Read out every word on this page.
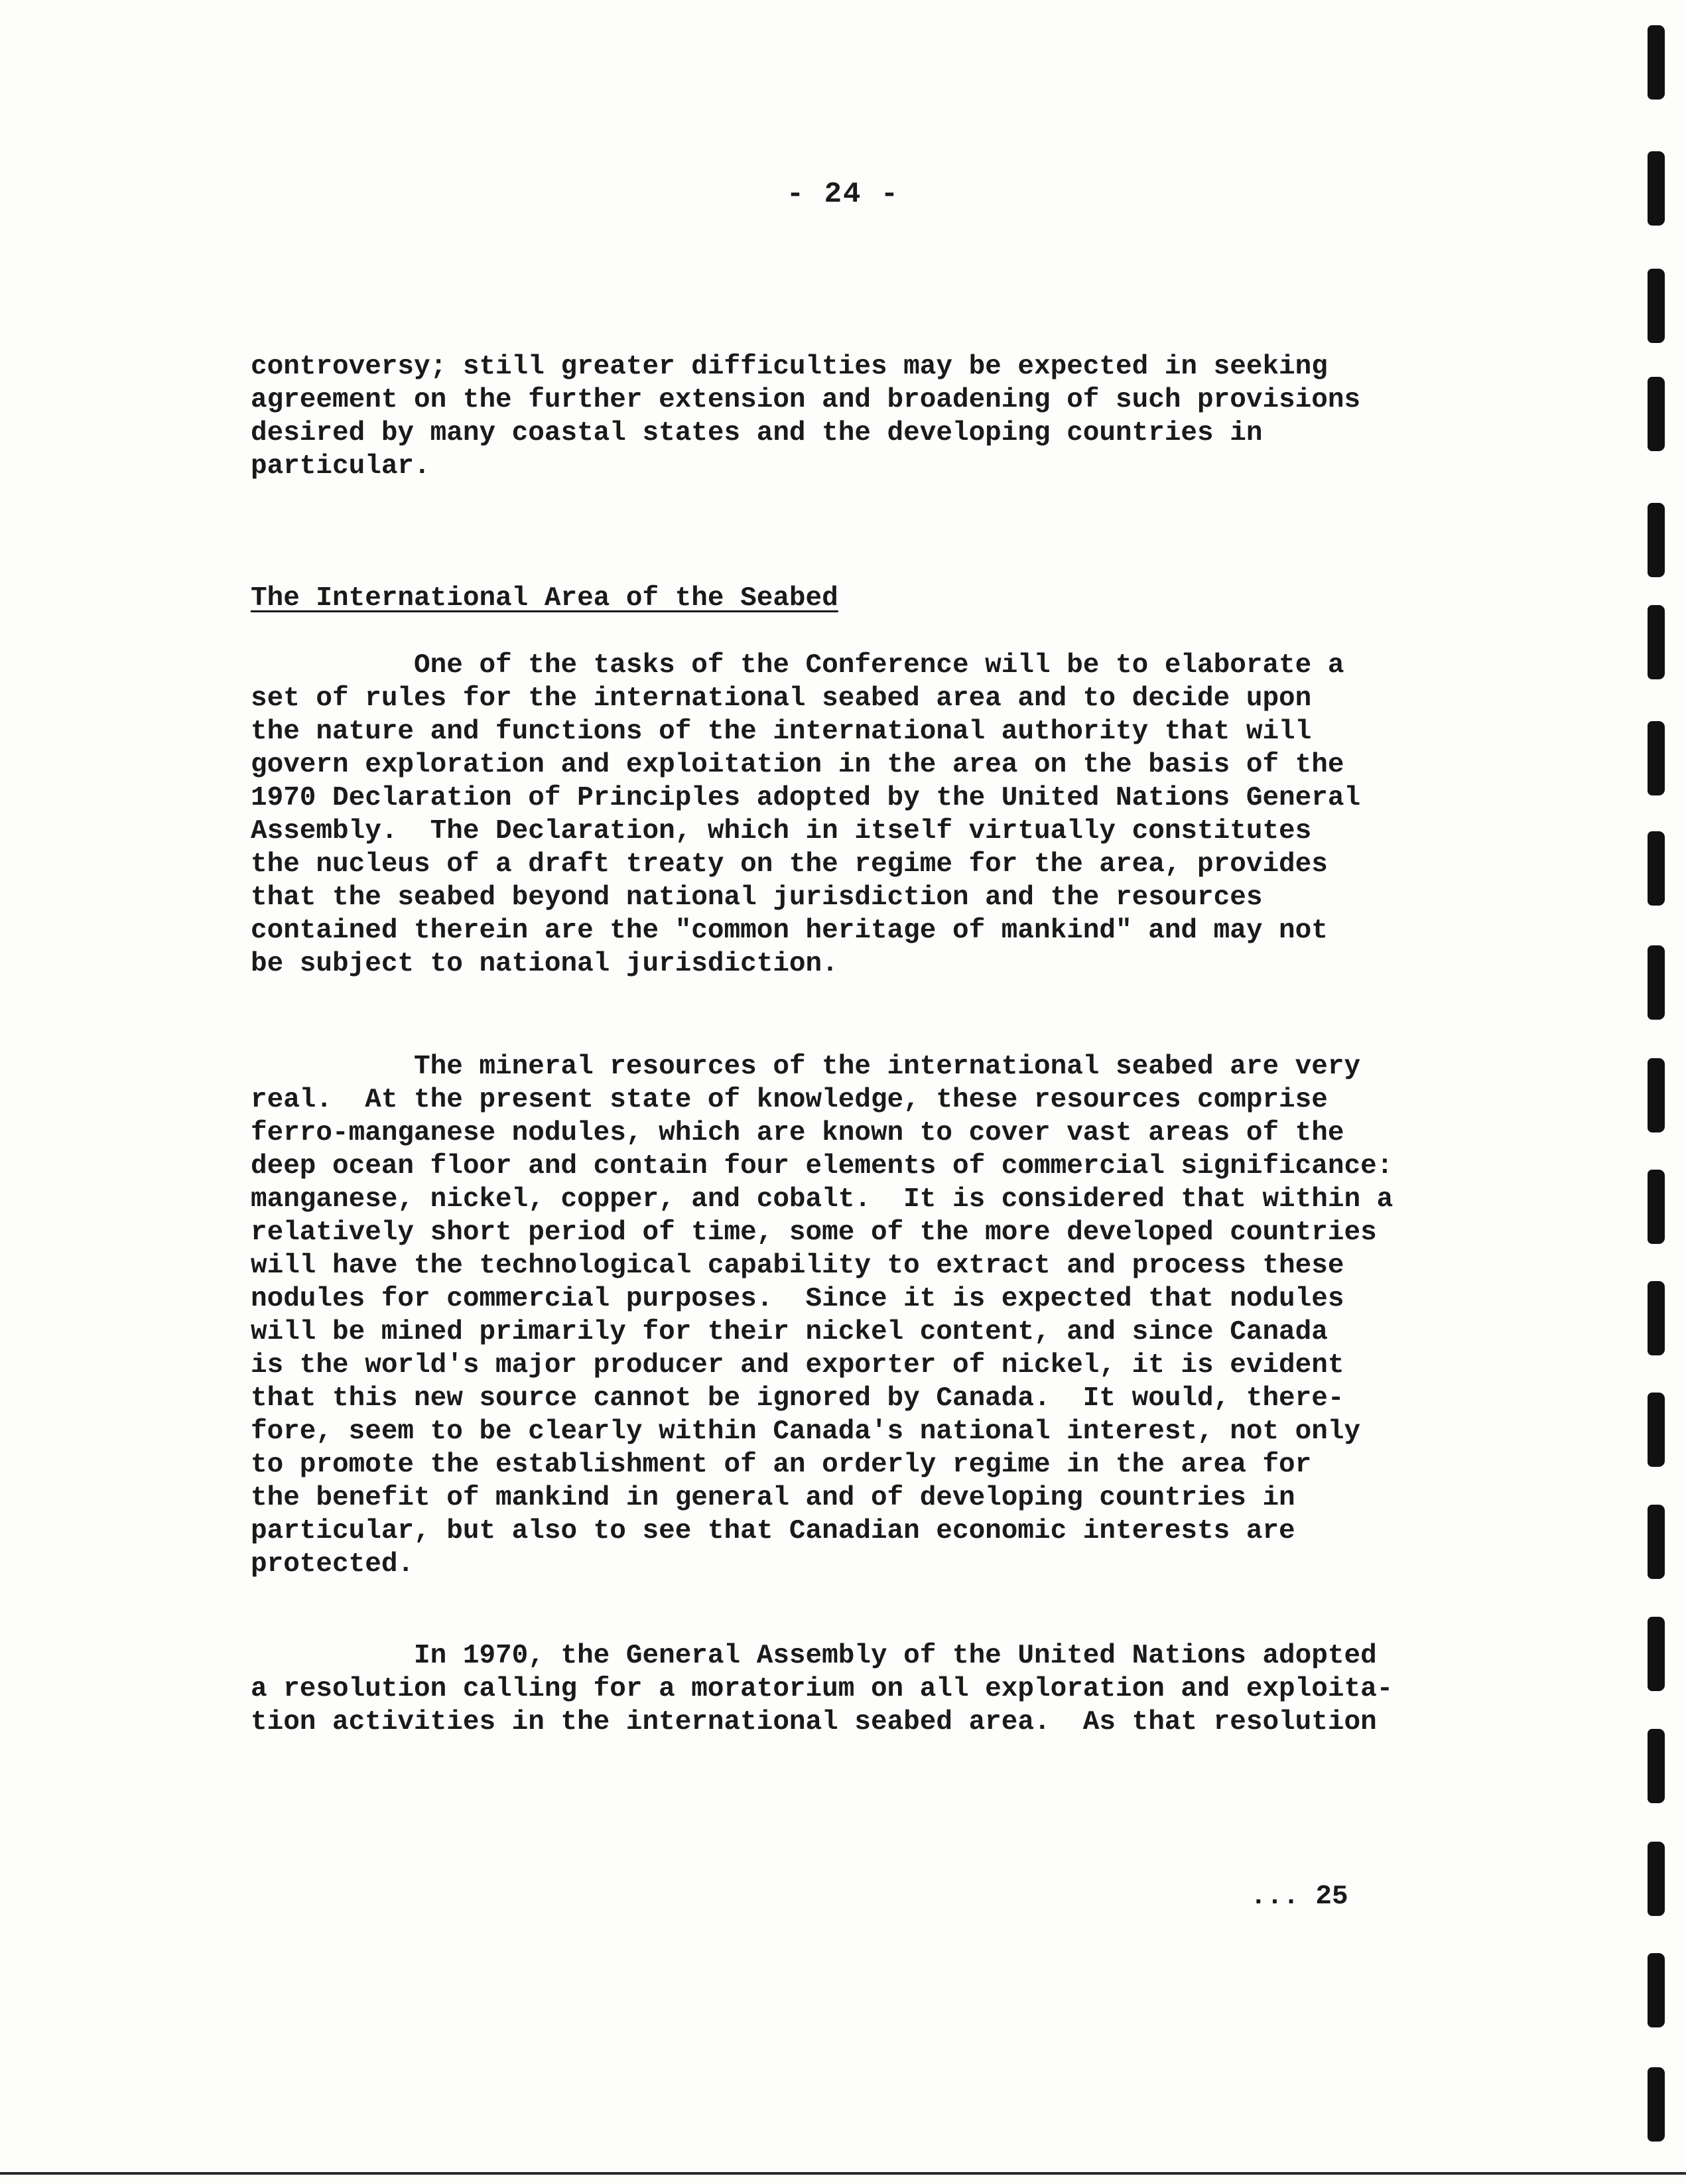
- 24 -

controversy; still greater difficulties may be expected in seeking
agreement on the further extension and broadening of such provisions
desired by many coastal states and the developing countries in
particular.

The International Area of the Seabed

One of the tasks of the Conference will be to elaborate a
set of rules for the international seabed area and to decide upon
the nature and functions of the international authority that will
govern exploration and exploitation in the area on the basis of the
1970 Declaration of Principles adopted by the United Nations General
Assembly.  The Declaration, which in itself virtually constitutes
the nucleus of a draft treaty on the regime for the area, provides
that the seabed beyond national jurisdiction and the resources
contained therein are the "common heritage of mankind" and may not
be subject to national jurisdiction.

The mineral resources of the international seabed are very
real.  At the present state of knowledge, these resources comprise
ferro-manganese nodules, which are known to cover vast areas of the
deep ocean floor and contain four elements of commercial significance:
manganese, nickel, copper, and cobalt.  It is considered that within a
relatively short period of time, some of the more developed countries
will have the technological capability to extract and process these
nodules for commercial purposes.  Since it is expected that nodules
will be mined primarily for their nickel content, and since Canada
is the world's major producer and exporter of nickel, it is evident
that this new source cannot be ignored by Canada.  It would, there-
fore, seem to be clearly within Canada's national interest, not only
to promote the establishment of an orderly regime in the area for
the benefit of mankind in general and of developing countries in
particular, but also to see that Canadian economic interests are
protected.

In 1970, the General Assembly of the United Nations adopted
a resolution calling for a moratorium on all exploration and exploita-
tion activities in the international seabed area.  As that resolution

... 25
